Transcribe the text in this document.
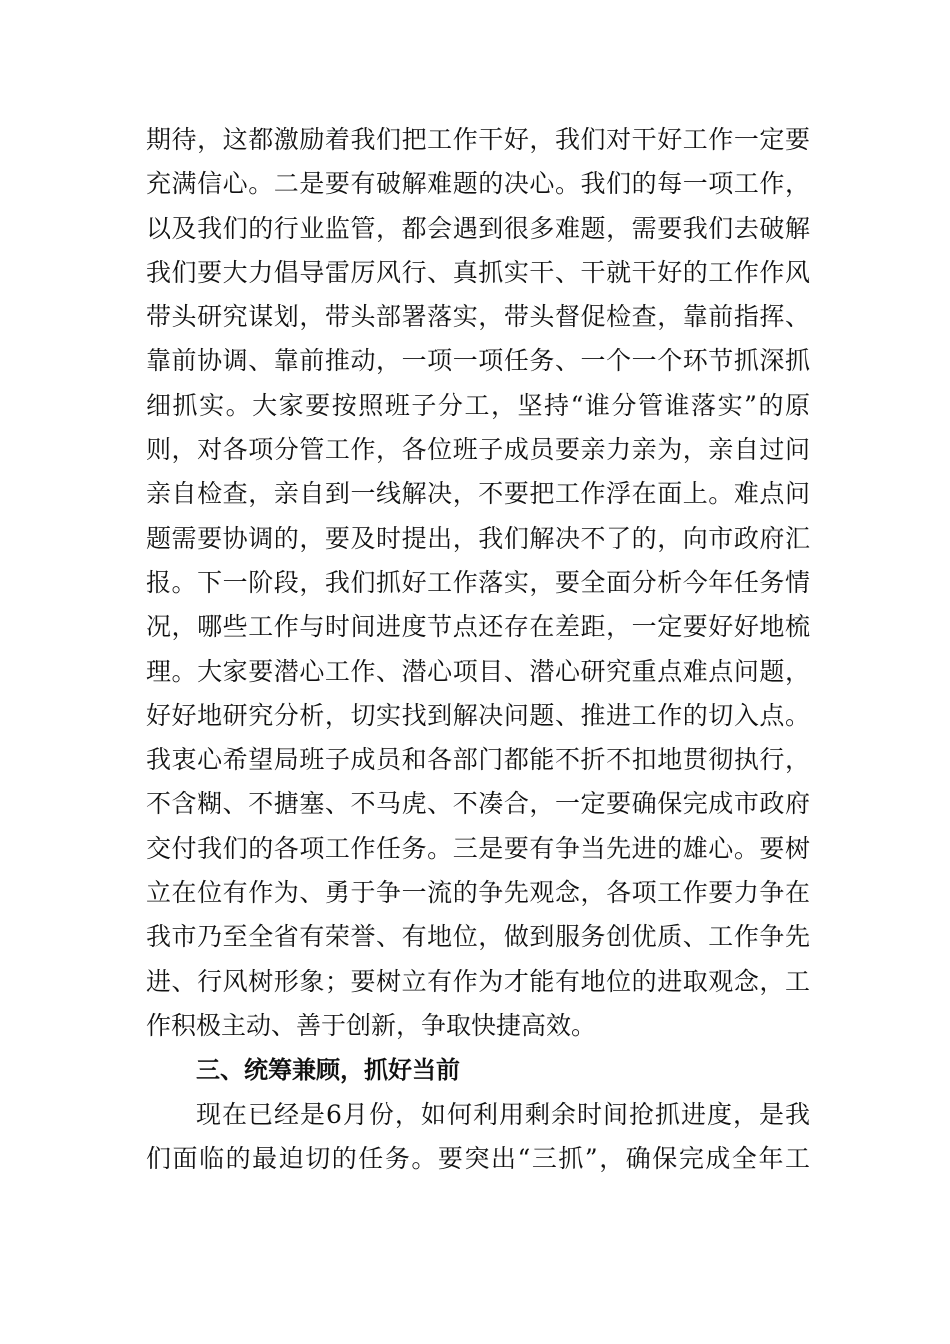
期待，这都激励着我们把工作干好，我们对干好工作一定要
充满信心。二是要有破解难题的决心。我们的每一项工作，
以及我们的行业监管，都会遇到很多难题，需要我们去破解
我们要大力倡导雷厉风行、真抓实干、干就干好的工作作风
带头研究谋划，带头部署落实，带头督促检查，靠前指挥、
靠前协调、靠前推动，一项一项任务、一个一个环节抓深抓
细抓实。大家要按照班子分工，坚持“谁分管谁落实”的原
则，对各项分管工作，各位班子成员要亲力亲为，亲自过问
亲自检查，亲自到一线解决，不要把工作浮在面上。难点问
题需要协调的，要及时提出，我们解决不了的，向市政府汇
报。下一阶段，我们抓好工作落实，要全面分析今年任务情
况，哪些工作与时间进度节点还存在差距，一定要好好地梳
理。大家要潜心工作、潜心项目、潜心研究重点难点问题，
好好地研究分析，切实找到解决问题、推进工作的切入点。
我衷心希望局班子成员和各部门都能不折不扣地贯彻执行，
不含糊、不搪塞、不马虎、不凑合，一定要确保完成市政府
交付我们的各项工作任务。三是要有争当先进的雄心。要树
立在位有作为、勇于争一流的争先观念，各项工作要力争在
我市乃至全省有荣誉、有地位，做到服务创优质、工作争先
进、行风树形象；要树立有作为才能有地位的进取观念，工
作积极主动、善于创新，争取快捷高效。
三、统筹兼顾，抓好当前
现在已经是6月份，如何利用剩余时间抢抓进度，是我
们面临的最迫切的任务。要突出“三抓”，确保完成全年工
